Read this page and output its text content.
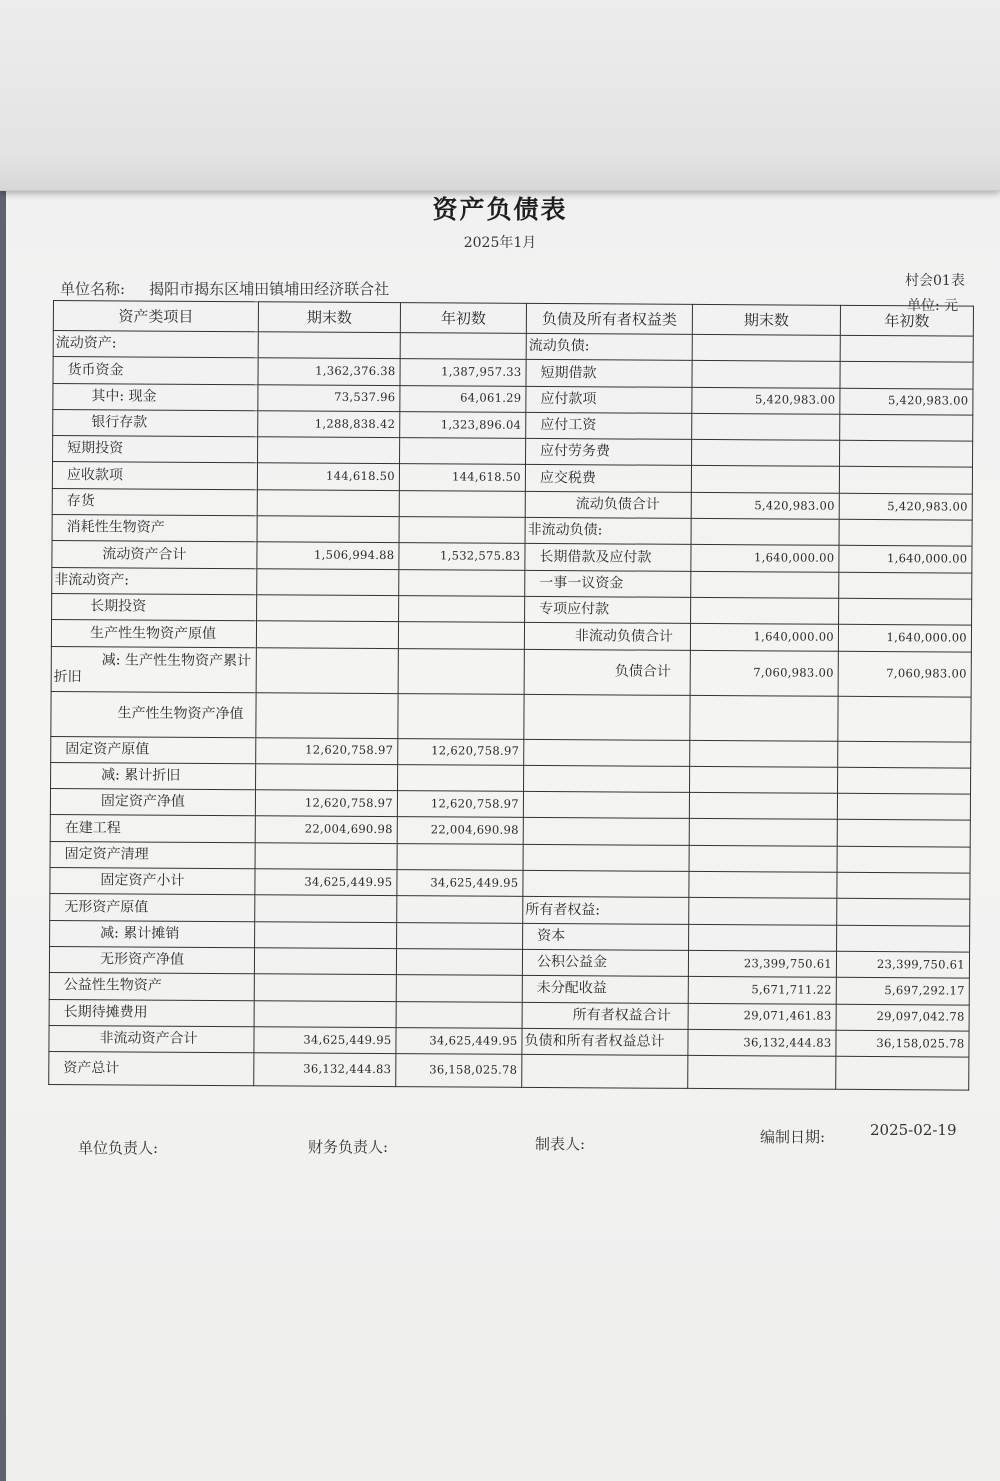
资产负债表
2025年1月
单位名称: 揭阳市揭东区埔田镇埔田经济联合社	村会01表
单位: 元
资产类项目	期末数	年初数	负债及所有者权益类	期末数	年初数
流动资产:			流动负债:		
货币资金	1,362,376.38	1,387,957.33	短期借款		
其中: 现金	73,537.96	64,061.29	应付款项	5,420,983.00	5,420,983.00
银行存款	1,288,838.42	1,323,896.04	应付工资		
短期投资			应付劳务费		
应收款项	144,618.50	144,618.50	应交税费		
存货			流动负债合计	5,420,983.00	5,420,983.00
消耗性生物资产			非流动负债:		
流动资产合计	1,506,994.88	1,532,575.83	长期借款及应付款	1,640,000.00	1,640,000.00
非流动资产:			一事一议资金		
长期投资			专项应付款		
生产性生物资产原值			非流动负债合计	1,640,000.00	1,640,000.00
减: 生产性生物资产累计折旧			负债合计	7,060,983.00	7,060,983.00
生产性生物资产净值					
固定资产原值	12,620,758.97	12,620,758.97			
减: 累计折旧					
固定资产净值	12,620,758.97	12,620,758.97			
在建工程	22,004,690.98	22,004,690.98			
固定资产清理					
固定资产小计	34,625,449.95	34,625,449.95			
无形资产原值			所有者权益:		
减: 累计摊销			资本		
无形资产净值			公积公益金	23,399,750.61	23,399,750.61
公益性生物资产			未分配收益	5,671,711.22	5,697,292.17
长期待摊费用			所有者权益合计	29,071,461.83	29,097,042.78
非流动资产合计	34,625,449.95	34,625,449.95	负债和所有者权益总计	36,132,444.83	36,158,025.78
资产总计	36,132,444.83	36,158,025.78			
单位负责人:	财务负责人:	制表人:	编制日期:	2025-02-19
